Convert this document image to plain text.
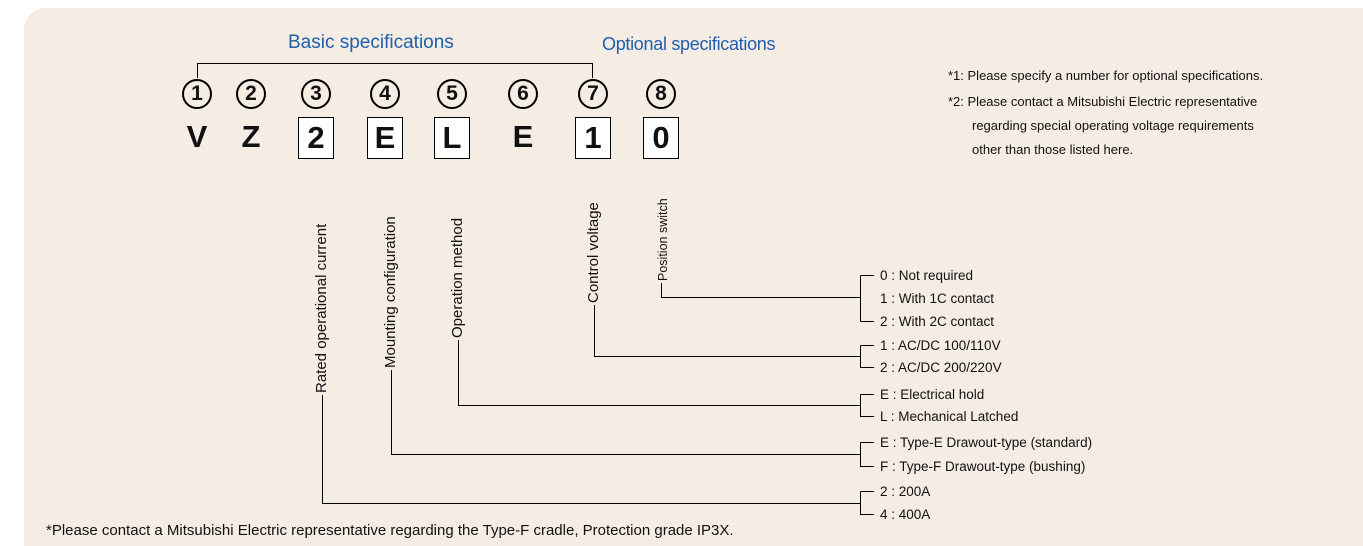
Basic specifications	Optional specifications
1	2	3	4	5	6	7	8
V Z	2	E L E	1	0
Rated operational current	Mounting configuration	Operation method	Control voltage	Position switch	0 : Not required
1 : With 1C contact
2 : With 2C contact
1 : AC/DC 100/110V
2 : AC/DC 200/220V
E : Electrical hold
L : Mechanical Latched
E : Type-E Drawout-type (standard)
F : Type-F Drawout-type (bushing)
2 : 200A
4 : 400A
*1: Please specify a number for optional specifications.
*2: Please contact a Mitsubishi Electric representative
regarding special operating voltage requirements
other than those listed here.
*Please contact a Mitsubishi Electric representative regarding the Type-F cradle, Protection grade IP3X.
